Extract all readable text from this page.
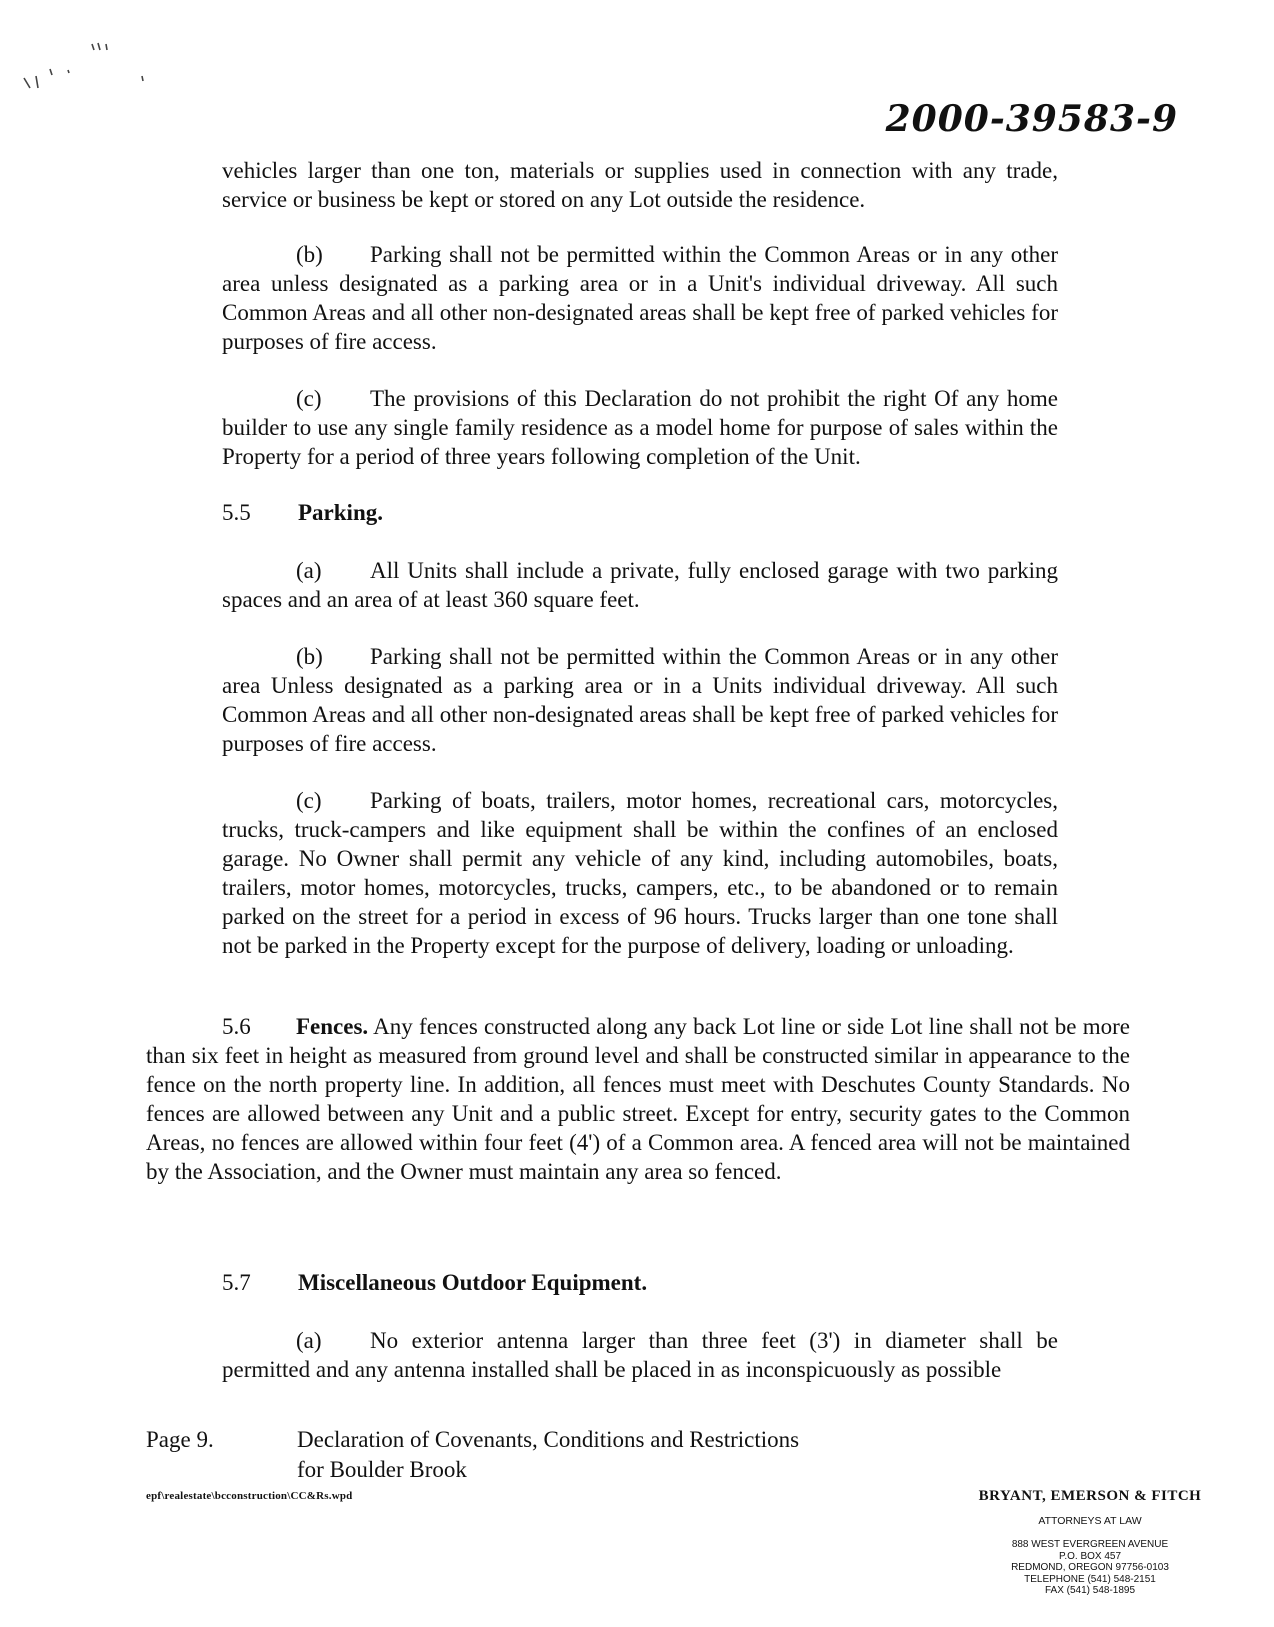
2000-39583-9

vehicles larger than one ton, materials or supplies used in connection with any trade, service or business be kept or stored on any Lot outside the residence.

(b) Parking shall not be permitted within the Common Areas or in any other area unless designated as a parking area or in a Unit's individual driveway. All such Common Areas and all other non-designated areas shall be kept free of parked vehicles for purposes of fire access.

(c) The provisions of this Declaration do not prohibit the right Of any home builder to use any single family residence as a model home for purpose of sales within the Property for a period of three years following completion of the Unit.

5.5 Parking.

(a) All Units shall include a private, fully enclosed garage with two parking spaces and an area of at least 360 square feet.

(b) Parking shall not be permitted within the Common Areas or in any other area Unless designated as a parking area or in a Units individual driveway. All such Common Areas and all other non-designated areas shall be kept free of parked vehicles for purposes of fire access.

(c) Parking of boats, trailers, motor homes, recreational cars, motorcycles, trucks, truck-campers and like equipment shall be within the confines of an enclosed garage. No Owner shall permit any vehicle of any kind, including automobiles, boats, trailers, motor homes, motorcycles, trucks, campers, etc., to be abandoned or to remain parked on the street for a period in excess of 96 hours. Trucks larger than one tone shall not be parked in the Property except for the purpose of delivery, loading or unloading.

5.6 Fences. Any fences constructed along any back Lot line or side Lot line shall not be more than six feet in height as measured from ground level and shall be constructed similar in appearance to the fence on the north property line. In addition, all fences must meet with Deschutes County Standards. No fences are allowed between any Unit and a public street. Except for entry, security gates to the Common Areas, no fences are allowed within four feet (4') of a Common area. A fenced area will not be maintained by the Association, and the Owner must maintain any area so fenced.

5.7 Miscellaneous Outdoor Equipment.

(a) No exterior antenna larger than three feet (3') in diameter shall be permitted and any antenna installed shall be placed in as inconspicuously as possible

Page 9.	Declaration of Covenants, Conditions and Restrictions
for Boulder Brook
epf\realestate\bcconstruction\CC&Rs.wpd	BRYANT, EMERSON & FITCH
ATTORNEYS AT LAW
888 WEST EVERGREEN AVENUE
P.O. BOX 457
REDMOND, OREGON 97756-0103
TELEPHONE (541) 548-2151
FAX (541) 548-1895
